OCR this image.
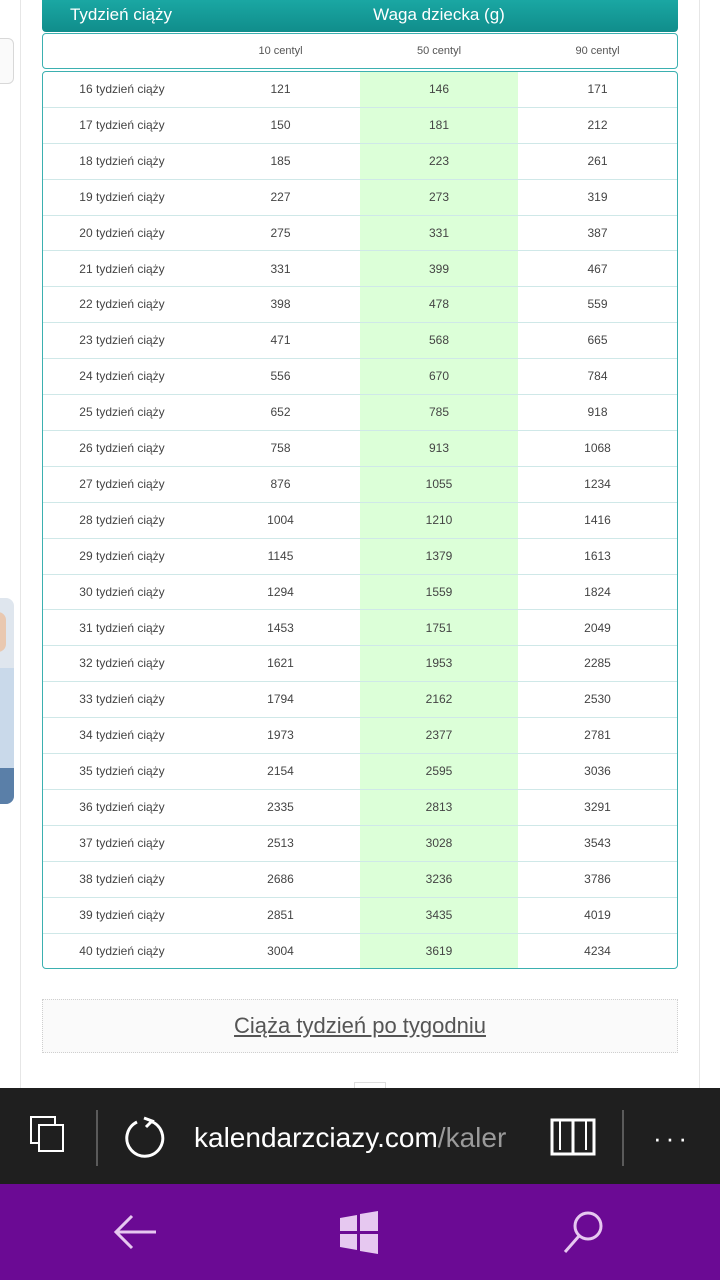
Tydzień ciąży	Waga dziecka (g)
10 centyl	50 centyl	90 centyl
16 tydzień ciąży	121	146	171
17 tydzień ciąży	150	181	212
18 tydzień ciąży	185	223	261
19 tydzień ciąży	227	273	319
20 tydzień ciąży	275	331	387
21 tydzień ciąży	331	399	467
22 tydzień ciąży	398	478	559
23 tydzień ciąży	471	568	665
24 tydzień ciąży	556	670	784
25 tydzień ciąży	652	785	918
26 tydzień ciąży	758	913	1068
27 tydzień ciąży	876	1055	1234
28 tydzień ciąży	1004	1210	1416
29 tydzień ciąży	1145	1379	1613
30 tydzień ciąży	1294	1559	1824
31 tydzień ciąży	1453	1751	2049
32 tydzień ciąży	1621	1953	2285
33 tydzień ciąży	1794	2162	2530
34 tydzień ciąży	1973	2377	2781
35 tydzień ciąży	2154	2595	3036
36 tydzień ciąży	2335	2813	3291
37 tydzień ciąży	2513	3028	3543
38 tydzień ciąży	2686	3236	3786
39 tydzień ciąży	2851	3435	4019
40 tydzień ciąży	3004	3619	4234
Ciąża tydzień po tygodniu
kalendarzciazy.com/kaler	···
